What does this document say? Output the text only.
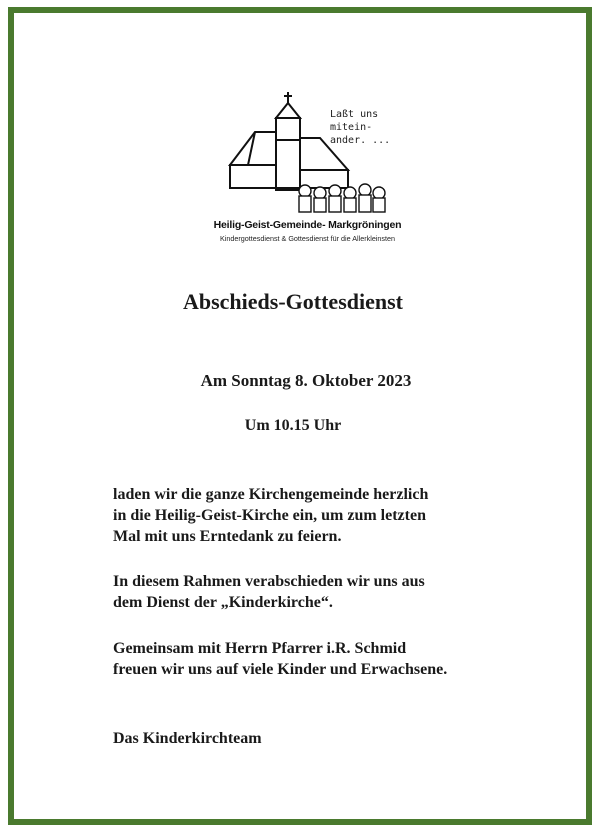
Laßt uns
mitein-
ander. ...
Heilig-Geist-Gemeinde- Markgröningen
Kindergottesdienst & Gottesdienst für die Allerkleinsten
Abschieds-Gottesdienst
Am Sonntag 8. Oktober 2023
Um 10.15 Uhr
laden wir die ganze Kirchengemeinde herzlich
in die Heilig-Geist-Kirche ein, um zum letzten
Mal mit uns Erntedank zu feiern.
In diesem Rahmen verabschieden wir uns aus
dem Dienst der „Kinderkirche“.
Gemeinsam mit Herrn Pfarrer i.R. Schmid
freuen wir uns auf viele Kinder und Erwachsene.
Das Kinderkirchteam
